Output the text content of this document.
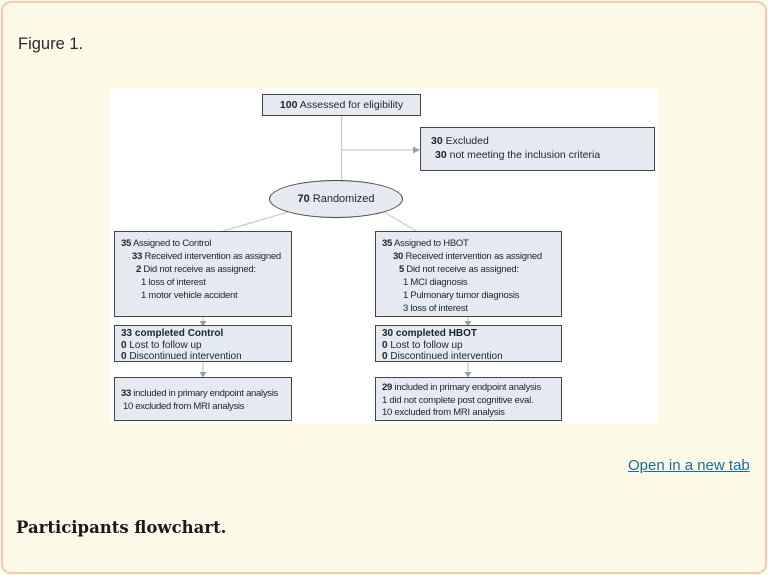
Figure 1.
100 Assessed for eligibility
30 Excluded
30 not meeting the inclusion criteria
70 Randomized
35 Assigned to Control
33 Received intervention as assigned
2 Did not receive as assigned:
1 loss of interest
1 motor vehicle accident
35 Assigned to HBOT
30 Received intervention as assigned
5 Did not receive as assigned:
1 MCI diagnosis
1 Pulmonary tumor diagnosis
3 loss of interest
33 completed Control
0 Lost to follow up
0 Discontinued intervention
30 completed HBOT
0 Lost to follow up
0 Discontinued intervention
33 included in primary endpoint analysis
10 excluded from MRI analysis
29 included in primary endpoint analysis
1 did not complete post cognitive eval.
10 excluded from MRI analysis
Open in a new tab
Participants flowchart.
